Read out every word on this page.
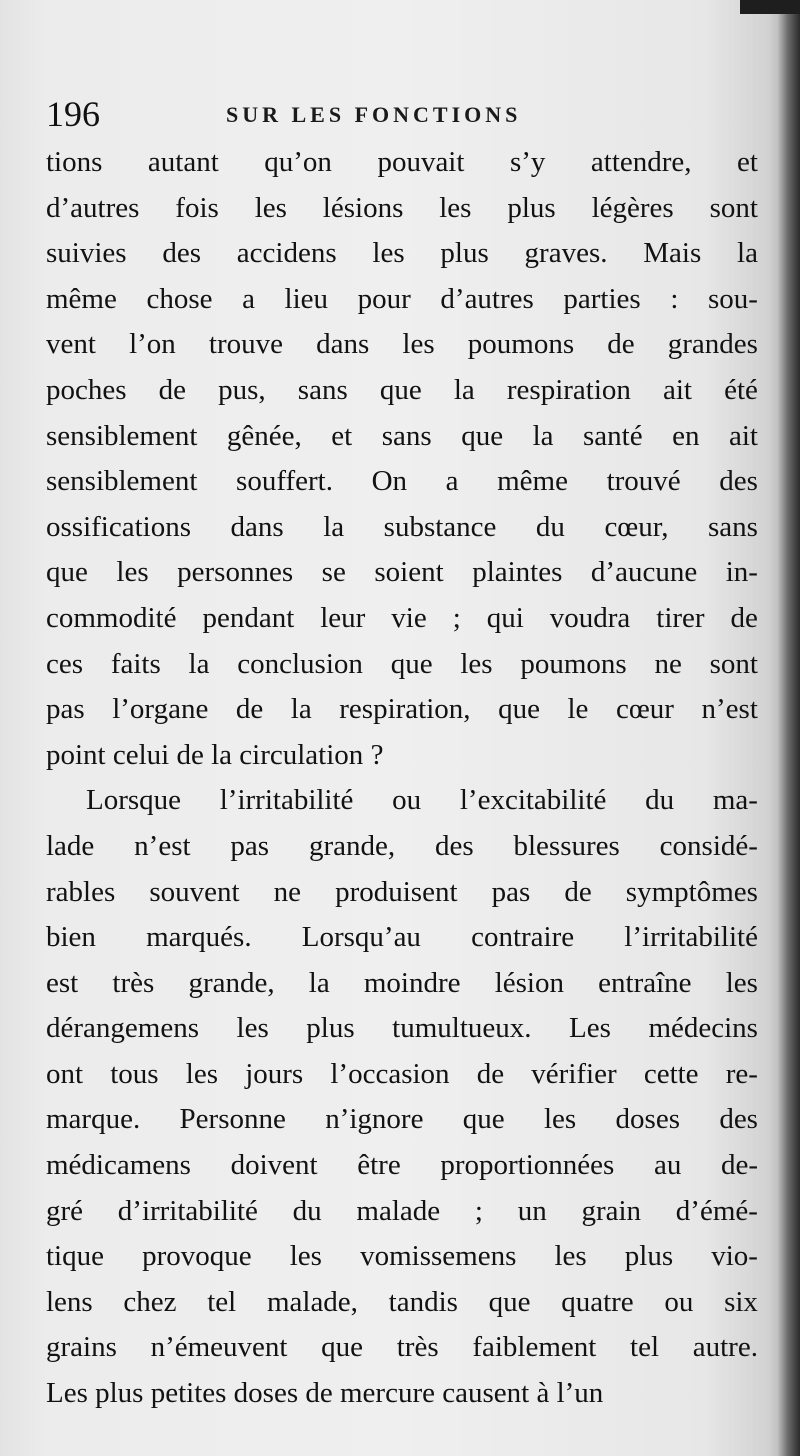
196	SUR LES FONCTIONS
tions autant qu’on pouvait s’y attendre, et
d’autres fois les lésions les plus légères sont
suivies des accidens les plus graves. Mais la
même chose a lieu pour d’autres parties : sou-
vent l’on trouve dans les poumons de grandes
poches de pus, sans que la respiration ait été
sensiblement gênée, et sans que la santé en ait
sensiblement souffert. On a même trouvé des
ossifications dans la substance du cœur, sans
que les personnes se soient plaintes d’aucune in-
commodité pendant leur vie ; qui voudra tirer de
ces faits la conclusion que les poumons ne sont
pas l’organe de la respiration, que le cœur n’est
point celui de la circulation ?
Lorsque l’irritabilité ou l’excitabilité du ma-
lade n’est pas grande, des blessures considé-
rables souvent ne produisent pas de symptômes
bien marqués. Lorsqu’au contraire l’irritabilité
est très grande, la moindre lésion entraîne les
dérangemens les plus tumultueux. Les médecins
ont tous les jours l’occasion de vérifier cette re-
marque. Personne n’ignore que les doses des
médicamens doivent être proportionnées au de-
gré d’irritabilité du malade ; un grain d’émé-
tique provoque les vomissemens les plus vio-
lens chez tel malade, tandis que quatre ou six
grains n’émeuvent que très faiblement tel autre.
Les plus petites doses de mercure causent à l’un
